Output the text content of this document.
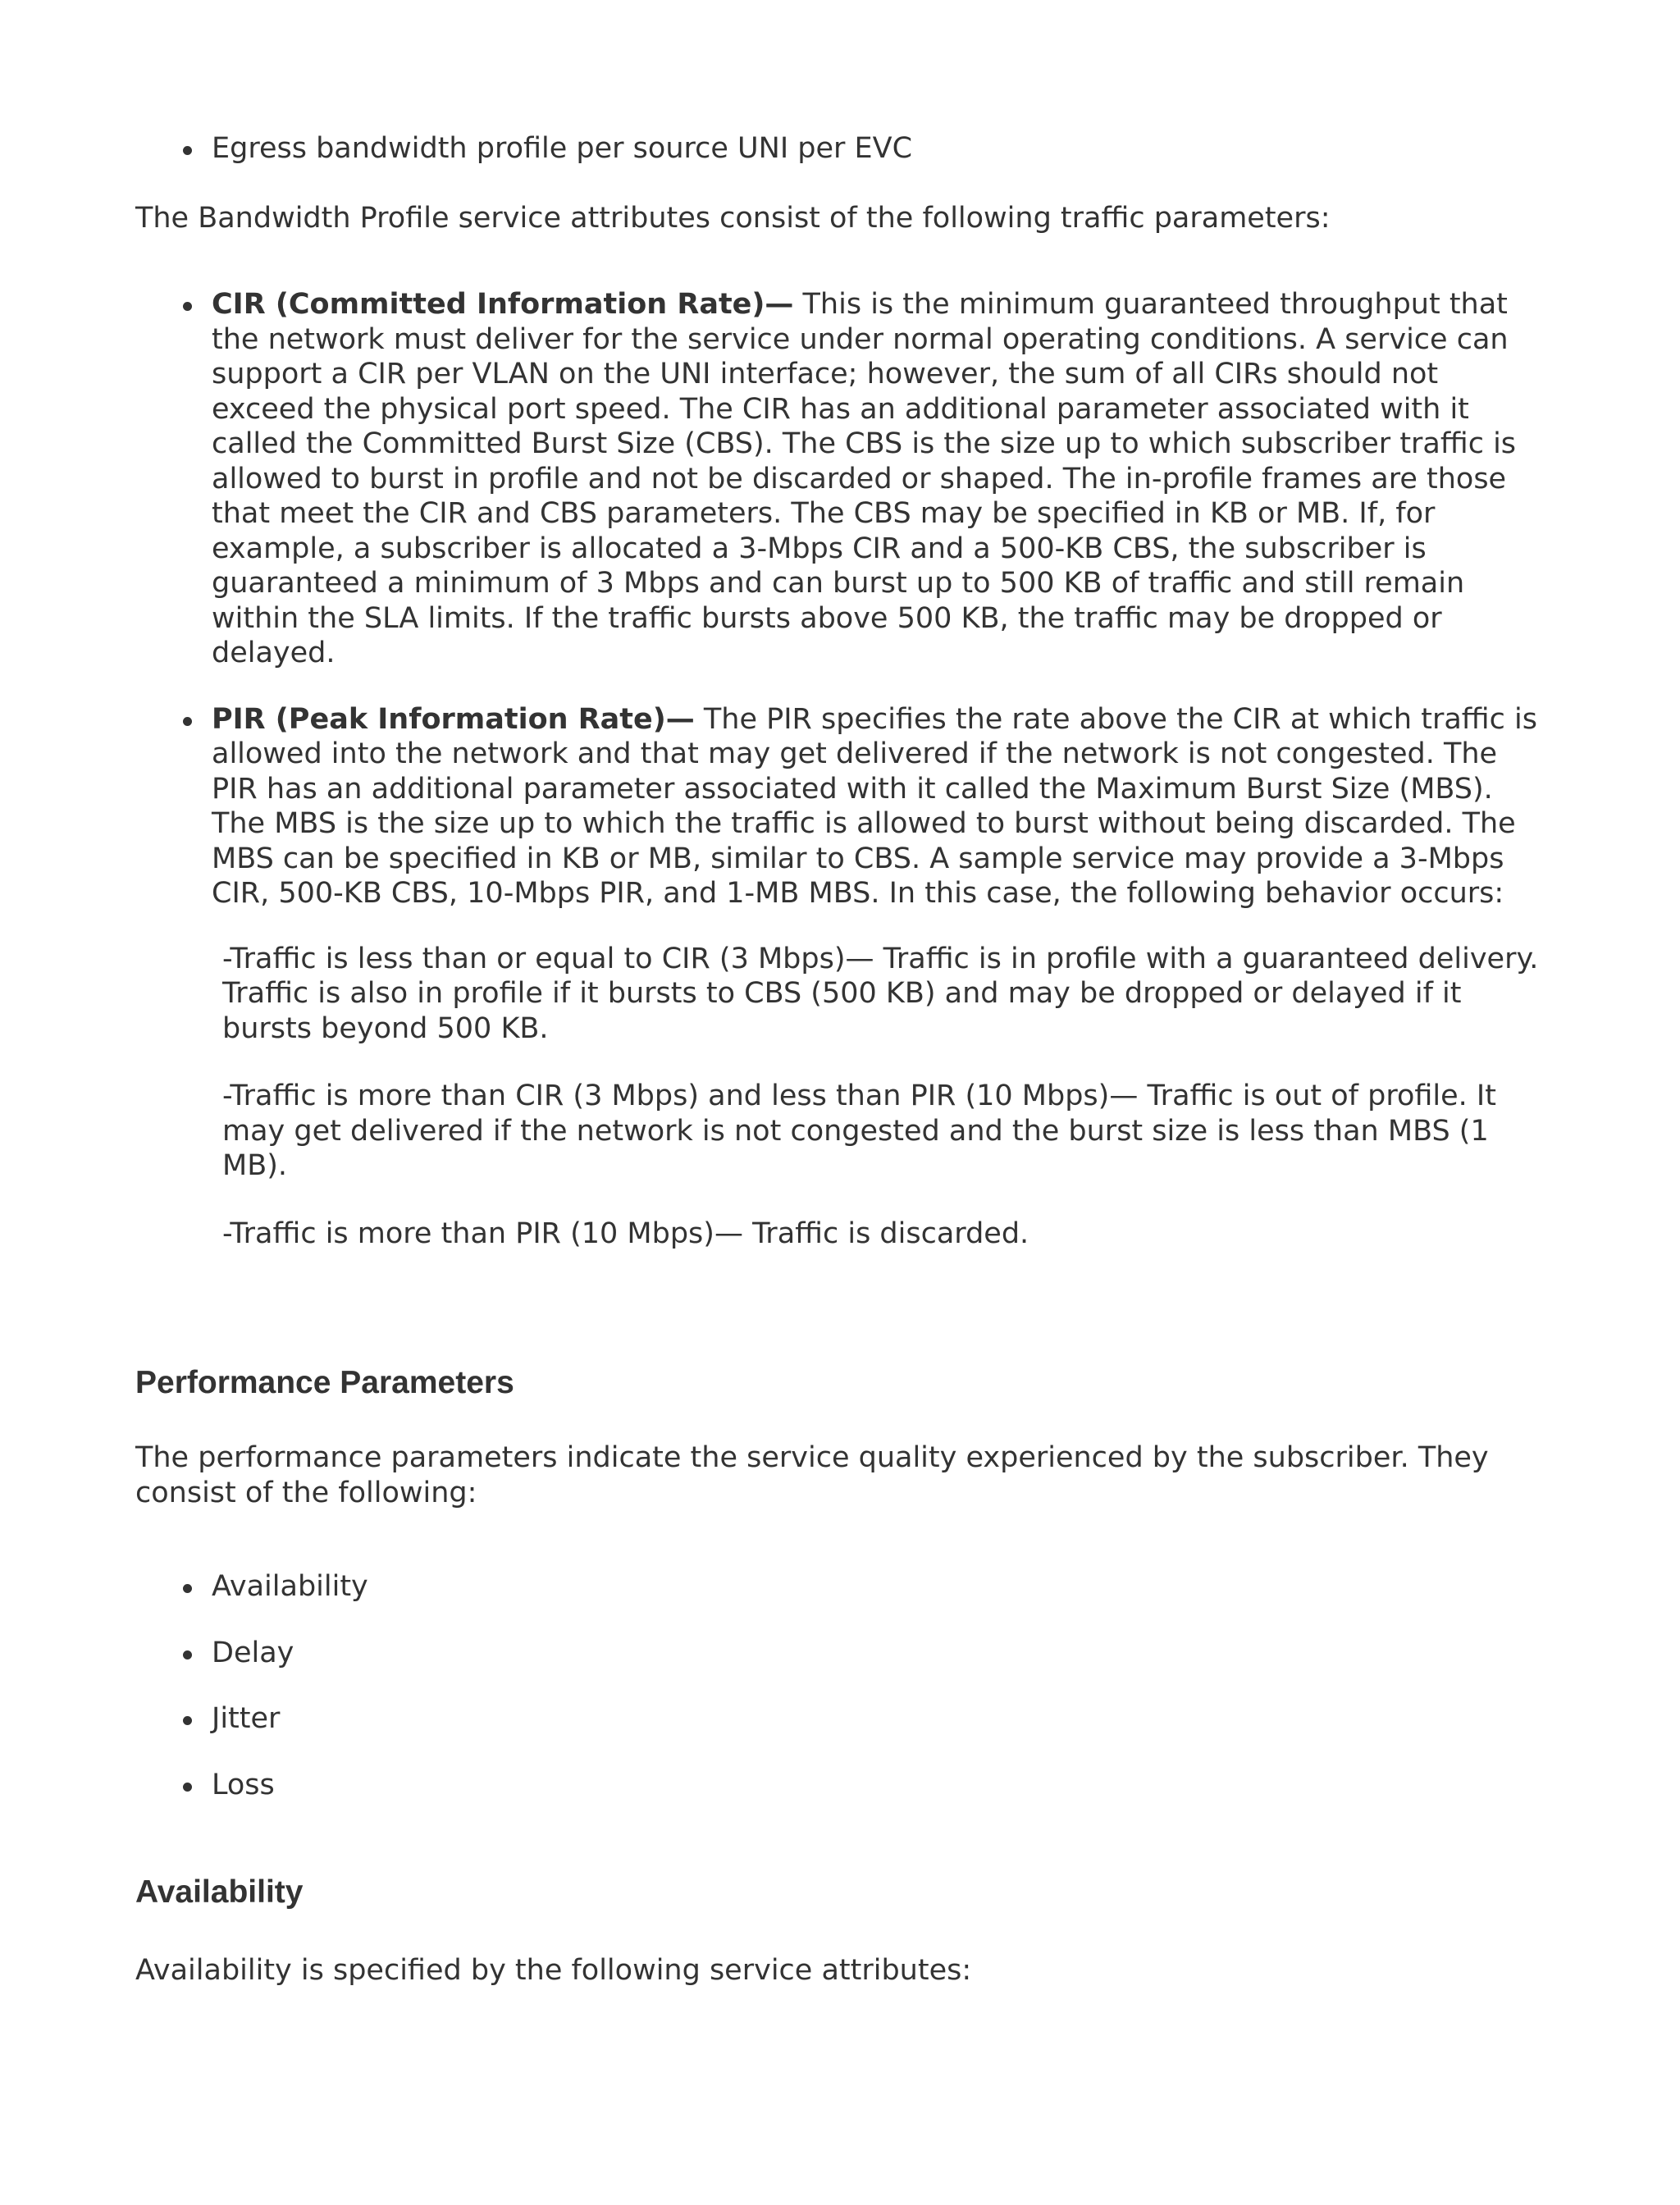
Egress bandwidth profile per source UNI per EVC

The Bandwidth Profile service attributes consist of the following traffic parameters:

CIR (Committed Information Rate)— This is the minimum guaranteed throughput that the network must deliver for the service under normal operating conditions. A service can support a CIR per VLAN on the UNI interface; however, the sum of all CIRs should not exceed the physical port speed. The CIR has an additional parameter associated with it called the Committed Burst Size (CBS). The CBS is the size up to which subscriber traffic is allowed to burst in profile and not be discarded or shaped. The in-profile frames are those that meet the CIR and CBS parameters. The CBS may be specified in KB or MB. If, for example, a subscriber is allocated a 3-Mbps CIR and a 500-KB CBS, the subscriber is guaranteed a minimum of 3 Mbps and can burst up to 500 KB of traffic and still remain within the SLA limits. If the traffic bursts above 500 KB, the traffic may be dropped or delayed.
PIR (Peak Information Rate)— The PIR specifies the rate above the CIR at which traffic is allowed into the network and that may get delivered if the network is not congested. The PIR has an additional parameter associated with it called the Maximum Burst Size (MBS). The MBS is the size up to which the traffic is allowed to burst without being discarded. The MBS can be specified in KB or MB, similar to CBS. A sample service may provide a 3-Mbps CIR, 500-KB CBS, 10-Mbps PIR, and 1-MB MBS. In this case, the following behavior occurs:

-Traffic is less than or equal to CIR (3 Mbps)— Traffic is in profile with a guaranteed delivery. Traffic is also in profile if it bursts to CBS (500 KB) and may be dropped or delayed if it bursts beyond 500 KB.

-Traffic is more than CIR (3 Mbps) and less than PIR (10 Mbps)— Traffic is out of profile. It may get delivered if the network is not congested and the burst size is less than MBS (1 MB).

-Traffic is more than PIR (10 Mbps)— Traffic is discarded.

Performance Parameters

The performance parameters indicate the service quality experienced by the subscriber. They consist of the following:

Availability
Delay
Jitter
Loss
Availability

Availability is specified by the following service attributes:
